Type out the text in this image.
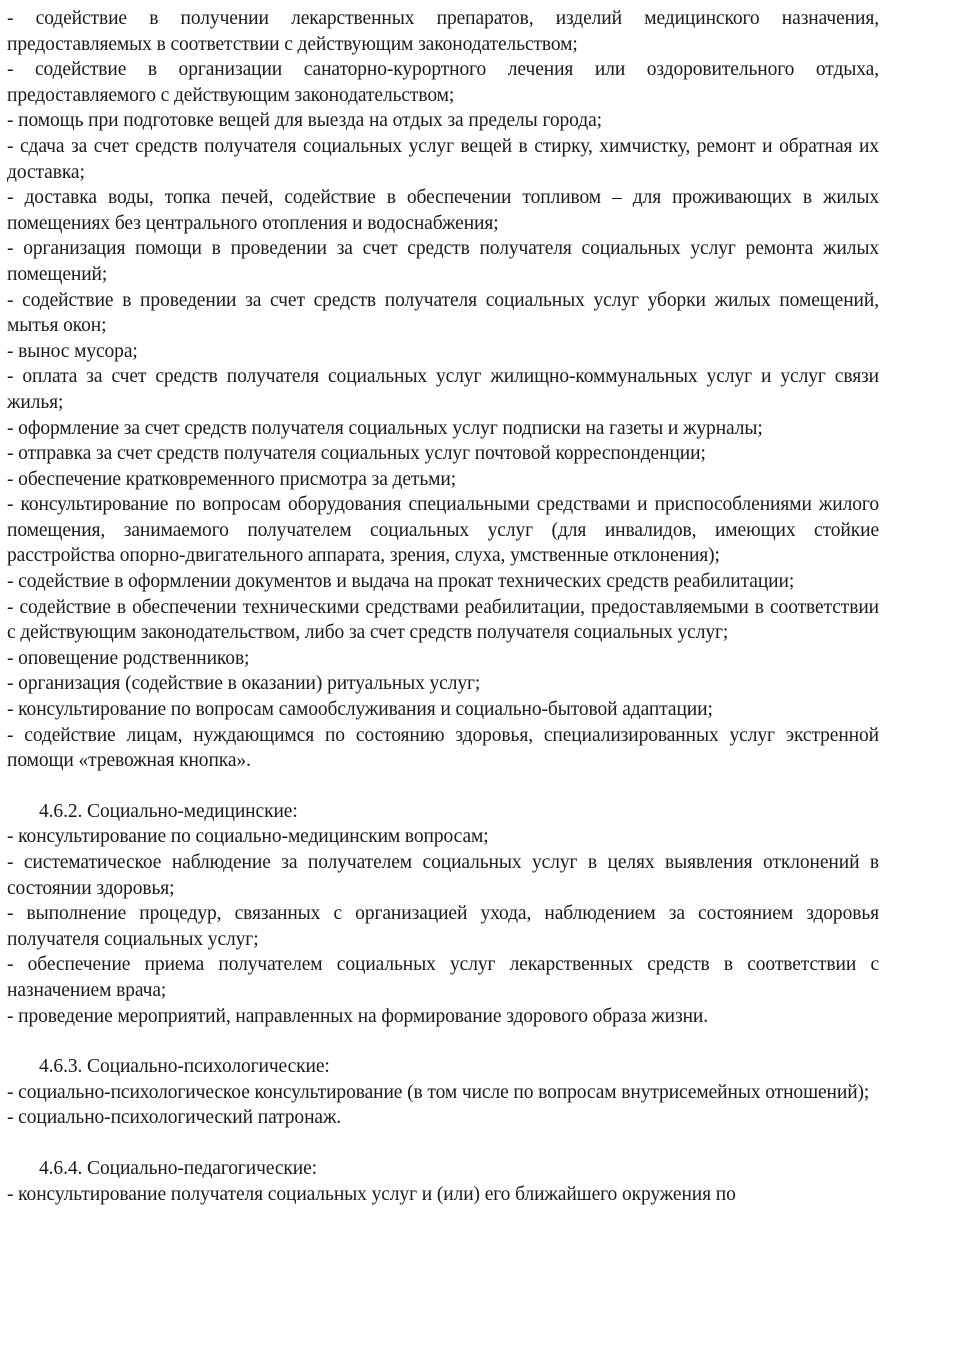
- содействие в получении лекарственных препаратов, изделий медицинского назначения, предоставляемых в соответствии с действующим законодательством;

- содействие в организации санаторно-курортного лечения или оздоровительного отдыха, предоставляемого с действующим законодательством;

- помощь при подготовке вещей для выезда на отдых за пределы города;

- сдача за счет средств получателя социальных услуг вещей в стирку, химчистку, ремонт и обратная их доставка;

- доставка воды, топка печей, содействие в обеспечении топливом – для проживающих в жилых помещениях без центрального отопления и водоснабжения;

- организация помощи в проведении за счет средств получателя социальных услуг ремонта жилых помещений;

- содействие в проведении за счет средств получателя социальных услуг уборки жилых помещений, мытья окон;

- вынос мусора;

- оплата за счет средств получателя социальных услуг жилищно-коммунальных услуг и услуг связи жилья;

- оформление за счет средств получателя социальных услуг подписки на газеты и журналы;

- отправка за счет средств получателя социальных услуг почтовой корреспонденции;

- обеспечение кратковременного присмотра за детьми;

- консультирование по вопросам оборудования специальными средствами и приспособлениями жилого помещения, занимаемого получателем социальных услуг (для инвалидов, имеющих стойкие расстройства опорно-двигательного аппарата, зрения, слуха, умственные отклонения);

- содействие в оформлении документов и выдача на прокат технических средств реабилитации;

- содействие в обеспечении техническими средствами реабилитации, предоставляемыми в соответствии с действующим законодательством, либо за счет средств получателя социальных услуг;

- оповещение родственников;

- организация (содействие в оказании) ритуальных услуг;

- консультирование по вопросам самообслуживания и социально-бытовой адаптации;

- содействие лицам, нуждающимся по состоянию здоровья, специализированных услуг экстренной помощи «тревожная кнопка».

4.6.2. Социально-медицинские:

- консультирование по социально-медицинским вопросам;

- систематическое наблюдение за получателем социальных услуг в целях выявления отклонений в состоянии здоровья;

- выполнение процедур, связанных с организацией ухода, наблюдением за состоянием здоровья получателя социальных услуг;

- обеспечение приема получателем социальных услуг лекарственных средств в соответствии с назначением врача;

- проведение мероприятий, направленных на формирование здорового образа жизни.

4.6.3. Социально-психологические:

- социально-психологическое консультирование (в том числе по вопросам внутрисемейных отношений);

- социально-психологический патронаж.

4.6.4. Социально-педагогические:

- консультирование получателя социальных услуг и (или) его ближайшего окружения по
